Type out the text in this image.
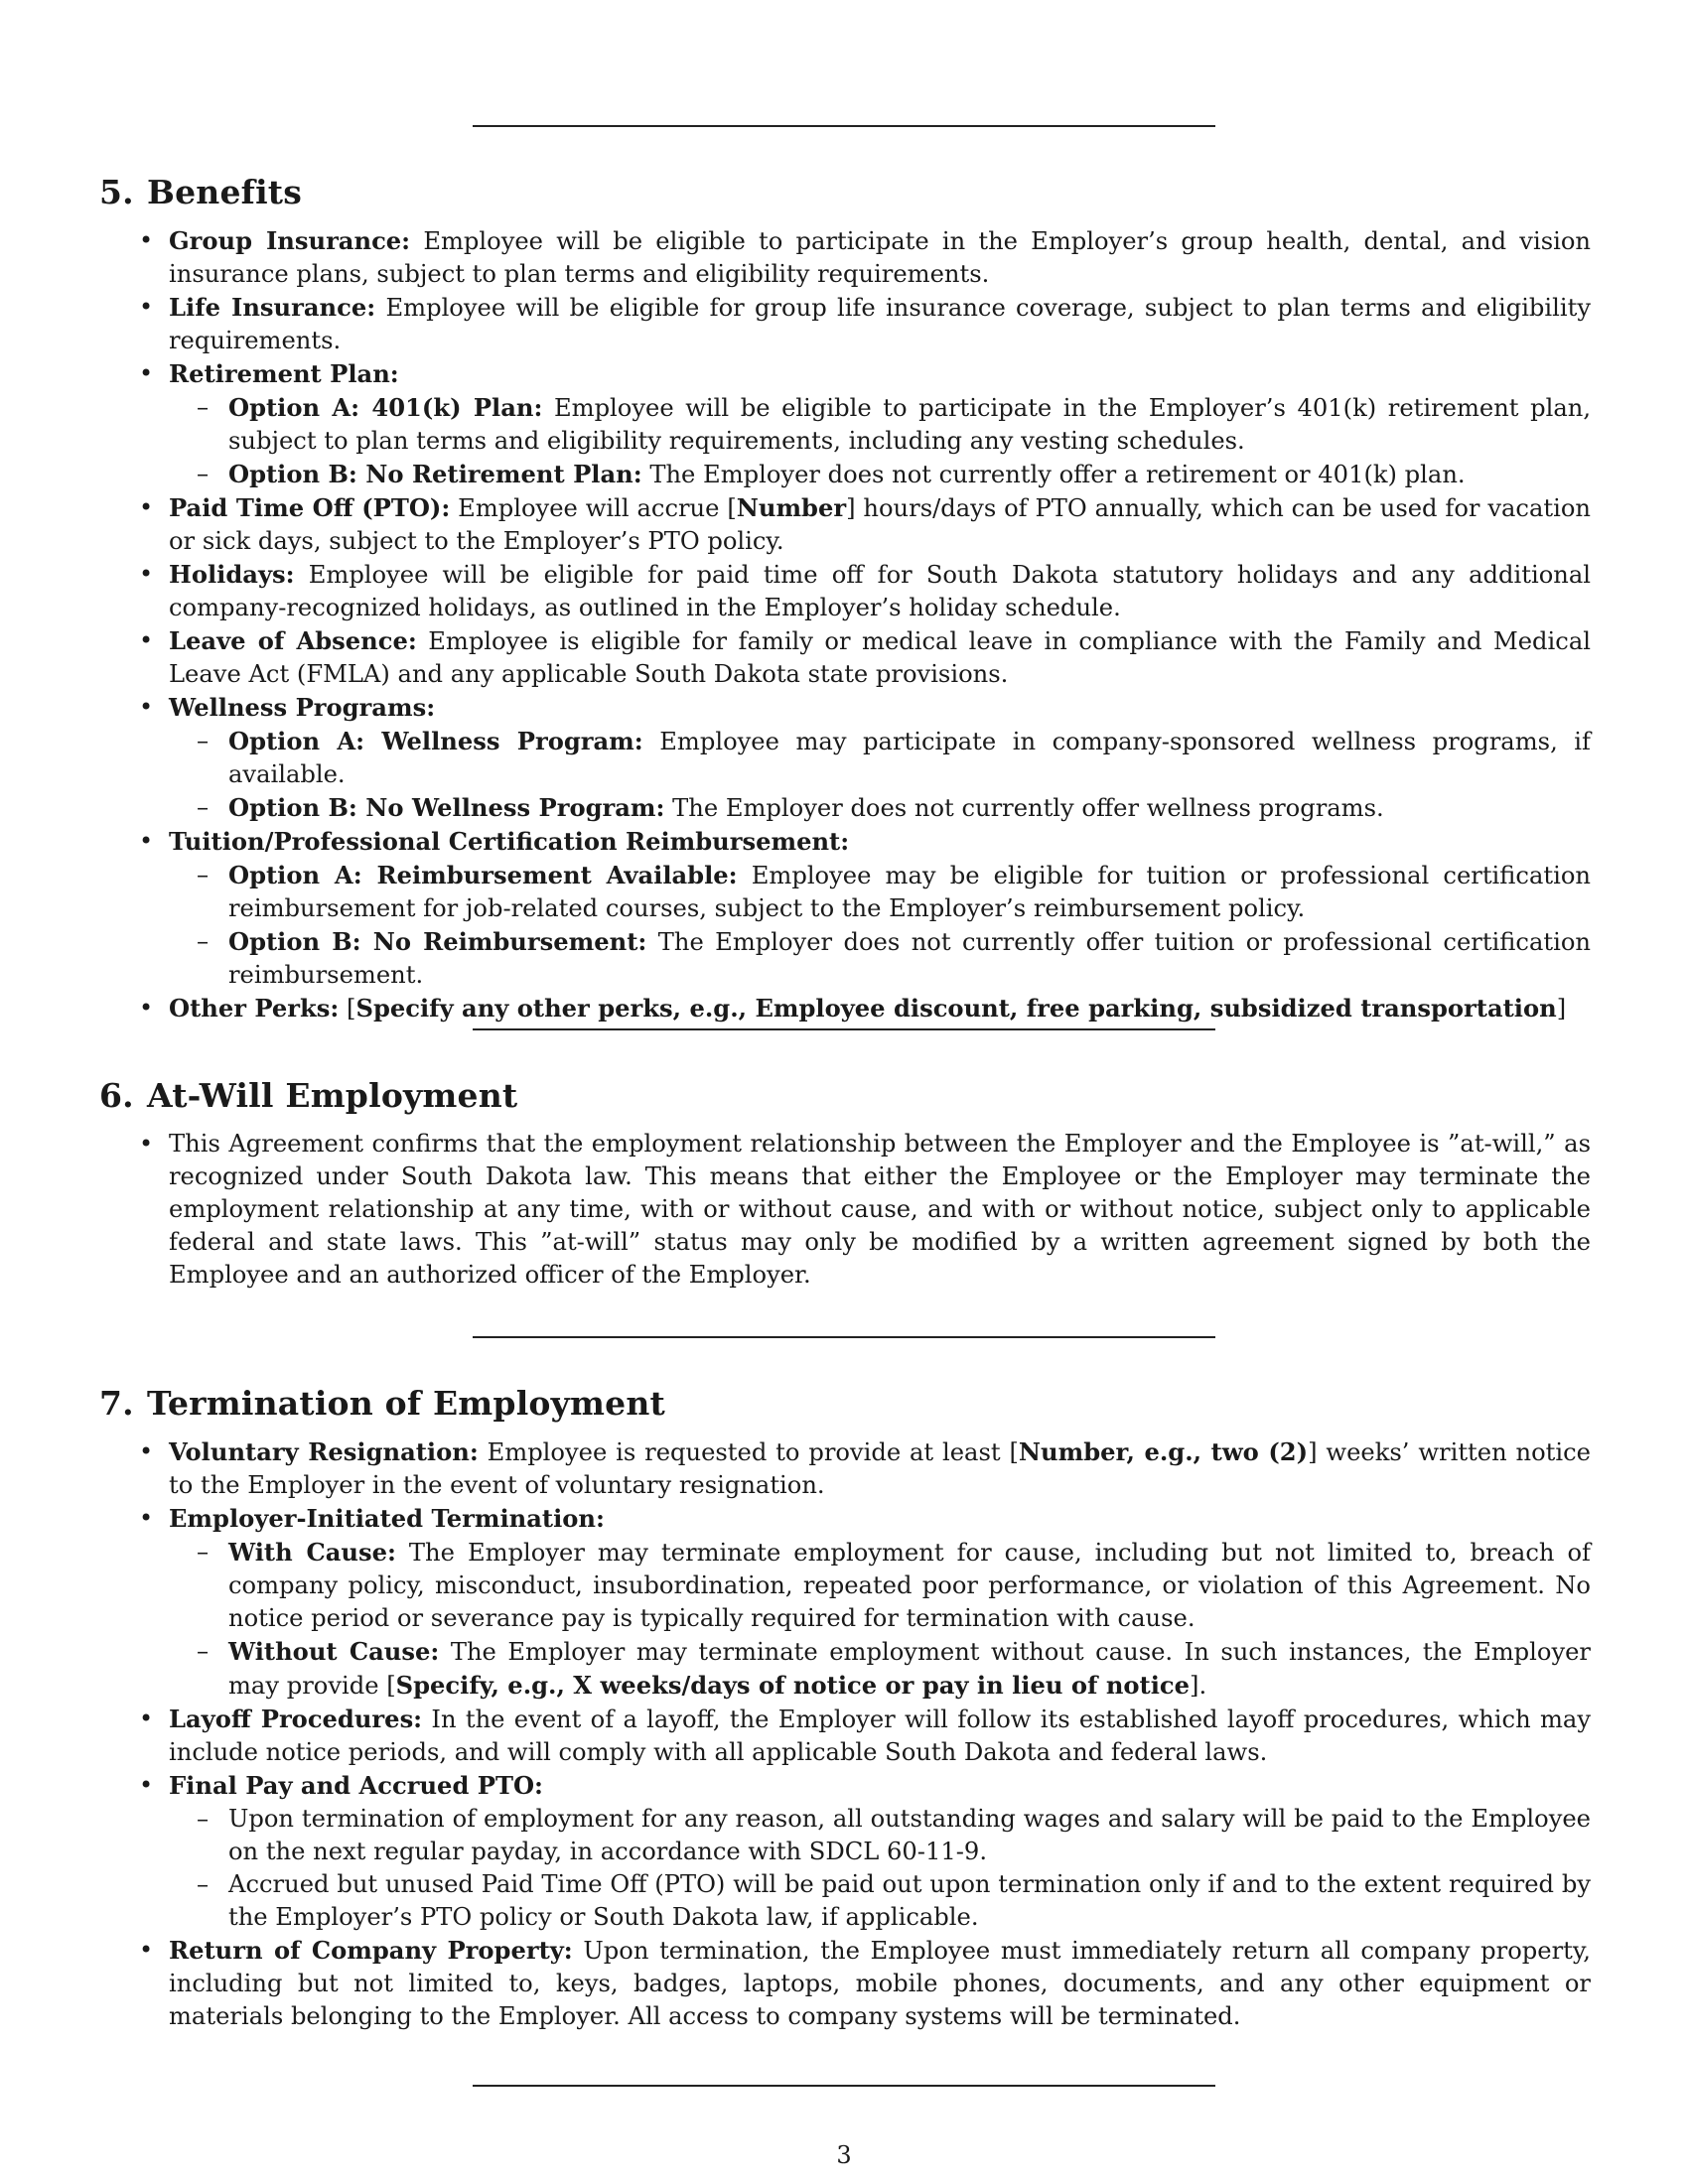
5. Benefits
• Group Insurance: Employee will be eligible to participate in the Employer’s group health, dental, and vision insurance plans, subject to plan terms and eligibility requirements.
• Life Insurance: Employee will be eligible for group life insurance coverage, subject to plan terms and eligibility requirements.
• Retirement Plan:
– Option A: 401(k) Plan: Employee will be eligible to participate in the Employer’s 401(k) retirement plan, subject to plan terms and eligibility requirements, including any vesting schedules.
– Option B: No Retirement Plan: The Employer does not currently offer a retirement or 401(k) plan.
• Paid Time Off (PTO): Employee will accrue [Number] hours/days of PTO annually, which can be used for vacation or sick days, subject to the Employer’s PTO policy.
• Holidays: Employee will be eligible for paid time off for South Dakota statutory holidays and any additional company-recognized holidays, as outlined in the Employer’s holiday schedule.
• Leave of Absence: Employee is eligible for family or medical leave in compliance with the Family and Medical Leave Act (FMLA) and any applicable South Dakota state provisions.
• Wellness Programs:
– Option A: Wellness Program: Employee may participate in company-sponsored wellness programs, if available.
– Option B: No Wellness Program: The Employer does not currently offer wellness programs.
• Tuition/Professional Certification Reimbursement:
– Option A: Reimbursement Available: Employee may be eligible for tuition or professional certification reimbursement for job-related courses, subject to the Employer’s reimbursement policy.
– Option B: No Reimbursement: The Employer does not currently offer tuition or professional certification reimbursement.
• Other Perks: [Specify any other perks, e.g., Employee discount, free parking, subsidized transportation]
6. At-Will Employment
• This Agreement confirms that the employment relationship between the Employer and the Employee is ”at-will,” as recognized under South Dakota law. This means that either the Employee or the Employer may terminate the employment relationship at any time, with or without cause, and with or without notice, subject only to applicable federal and state laws. This ”at-will” status may only be modified by a written agreement signed by both the Employee and an authorized officer of the Employer.
7. Termination of Employment
• Voluntary Resignation: Employee is requested to provide at least [Number, e.g., two (2)] weeks’ written notice to the Employer in the event of voluntary resignation.
• Employer-Initiated Termination:
– With Cause: The Employer may terminate employment for cause, including but not limited to, breach of company policy, misconduct, insubordination, repeated poor performance, or violation of this Agreement. No notice period or severance pay is typically required for termination with cause.
– Without Cause: The Employer may terminate employment without cause. In such instances, the Employer may provide [Specify, e.g., X weeks/days of notice or pay in lieu of notice].
• Layoff Procedures: In the event of a layoff, the Employer will follow its established layoff procedures, which may include notice periods, and will comply with all applicable South Dakota and federal laws.
• Final Pay and Accrued PTO:
– Upon termination of employment for any reason, all outstanding wages and salary will be paid to the Employee on the next regular payday, in accordance with SDCL 60-11-9.
– Accrued but unused Paid Time Off (PTO) will be paid out upon termination only if and to the extent required by the Employer’s PTO policy or South Dakota law, if applicable.
• Return of Company Property: Upon termination, the Employee must immediately return all company property, including but not limited to, keys, badges, laptops, mobile phones, documents, and any other equipment or materials belonging to the Employer. All access to company systems will be terminated.
3
